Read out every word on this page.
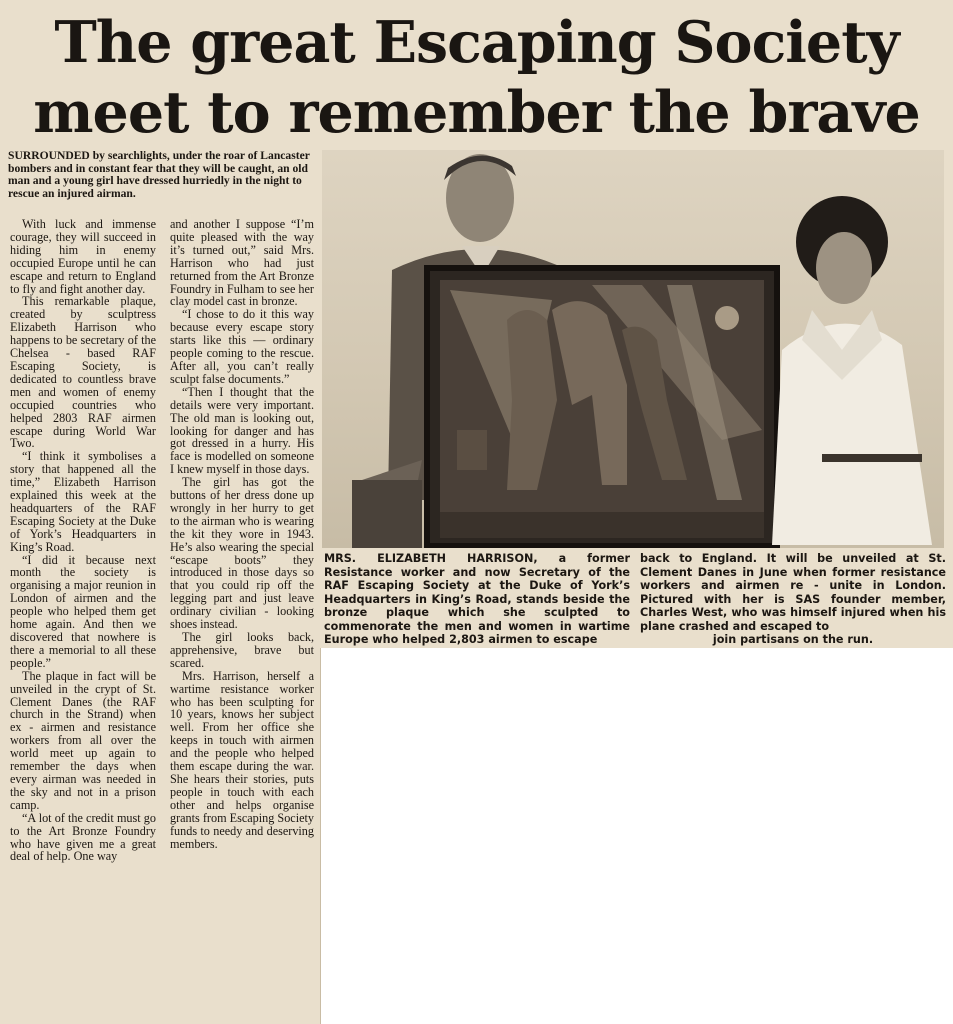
The great Escaping Society
meet to remember the brave

SURROUNDED by searchlights, under the roar of Lancaster bombers and in constant fear that they will be caught, an old man and a young girl have dressed hurriedly in the night to rescue an injured airman.

With luck and immense courage, they will succeed in hiding him in enemy occupied Europe until he can escape and return to England to fly and fight another day.

This remarkable plaque, created by sculptress Elizabeth Harrison who happens to be secretary of the Chelsea - based RAF Escaping Society, is dedicated to countless brave men and women of enemy occupied countries who helped 2803 RAF airmen escape during World War Two.

“I think it symbolises a story that happened all the time,” Elizabeth Harrison explained this week at the headquarters of the RAF Escaping Society at the Duke of York’s Headquarters in King’s Road.

“I did it because next month the society is organising a major reunion in London of airmen and the people who helped them get home again. And then we discovered that nowhere is there a memorial to all these people.”

The plaque in fact will be unveiled in the crypt of St. Clement Danes (the RAF church in the Strand) when ex - airmen and resistance workers from all over the world meet up again to remember the days when every airman was needed in the sky and not in a prison camp.

“A lot of the credit must go to the Art Bronze Foundry who have given me a great deal of help. One way

and another I suppose “I’m quite pleased with the way it’s turned out,” said Mrs. Harrison who had just returned from the Art Bronze Foundry in Fulham to see her clay model cast in bronze.

“I chose to do it this way because every escape story starts like this — ordinary people coming to the rescue. After all, you can’t really sculpt false documents.”

“Then I thought that the details were very important. The old man is looking out, looking for danger and has got dressed in a hurry. His face is modelled on someone I knew myself in those days.

The girl has got the buttons of her dress done up wrongly in her hurry to get to the airman who is wearing the kit they wore in 1943. He’s also wearing the special “escape boots” they introduced in those days so that you could rip off the legging part and just leave ordinary civilian - looking shoes instead.

The girl looks back, apprehensive, brave but scared.

Mrs. Harrison, herself a wartime resistance worker who has been sculpting for 10 years, knows her subject well. From her office she keeps in touch with airmen and the people who helped them escape during the war. She hears their stories, puts people in touch with each other and helps organise grants from Escaping Society funds to needy and deserving members.

MRS. ELIZABETH HARRISON, a former Resistance worker and now Secretary of the RAF Escaping Society at the Duke of York’s Headquarters in King’s Road, stands beside the bronze plaque which she sculpted to commenorate the men and women in wartime Europe who helped 2,803 airmen to escape

back to England. It will be unveiled at St. Clement Danes in June when former resistance workers and airmen re - unite in London. Pictured with her is SAS founder member, Charles West, who was himself injured when his plane crashed and escaped to
join partisans on the run.
